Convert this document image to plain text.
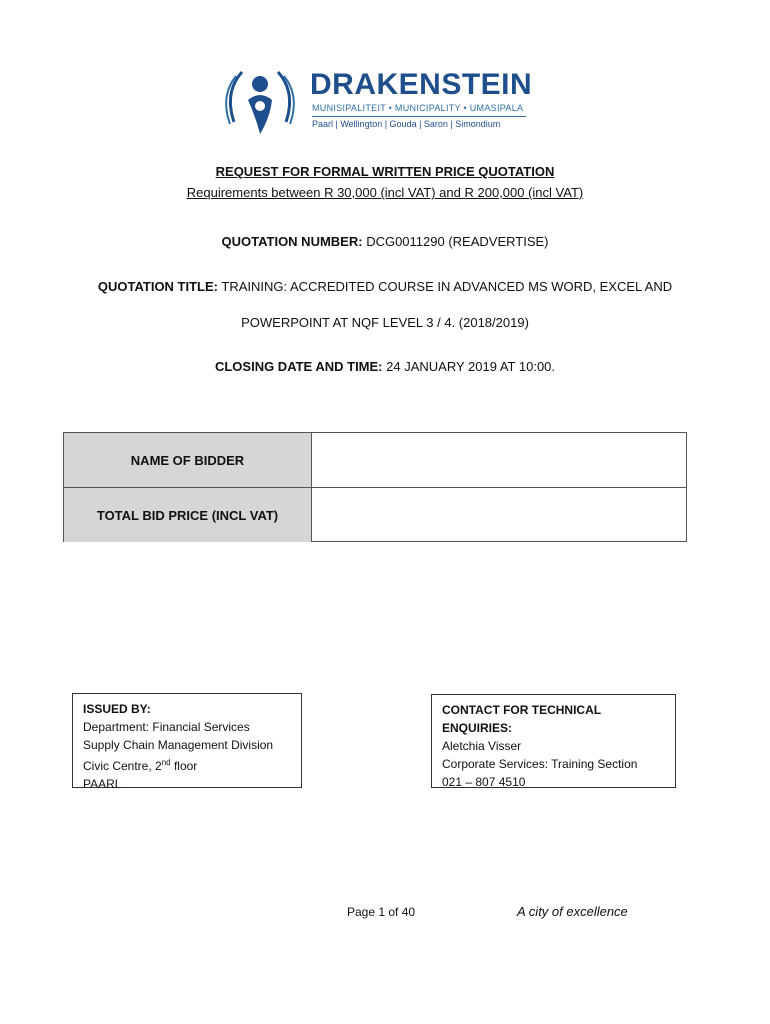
DRAKENSTEIN
MUNISIPALITEIT • MUNICIPALITY • UMASIPALA
Paarl | Wellington | Gouda | Saron | Simondium
REQUEST FOR FORMAL WRITTEN PRICE QUOTATION
Requirements between R 30,000 (incl VAT) and R 200,000 (incl VAT)
QUOTATION NUMBER: DCG0011290 (READVERTISE)
QUOTATION TITLE: TRAINING: ACCREDITED COURSE IN ADVANCED MS WORD, EXCEL AND
POWERPOINT AT NQF LEVEL 3 / 4. (2018/2019)
CLOSING DATE AND TIME: 24 JANUARY 2019 AT 10:00.
NAME OF BIDDER
TOTAL BID PRICE (INCL VAT)
ISSUED BY:
Department: Financial Services
Supply Chain Management Division
Civic Centre, 2nd floor
PAARL
CONTACT FOR TECHNICAL ENQUIRIES:
Aletchia Visser
Corporate Services: Training Section
021 – 807 4510
Page 1 of 40	A city of excellence
